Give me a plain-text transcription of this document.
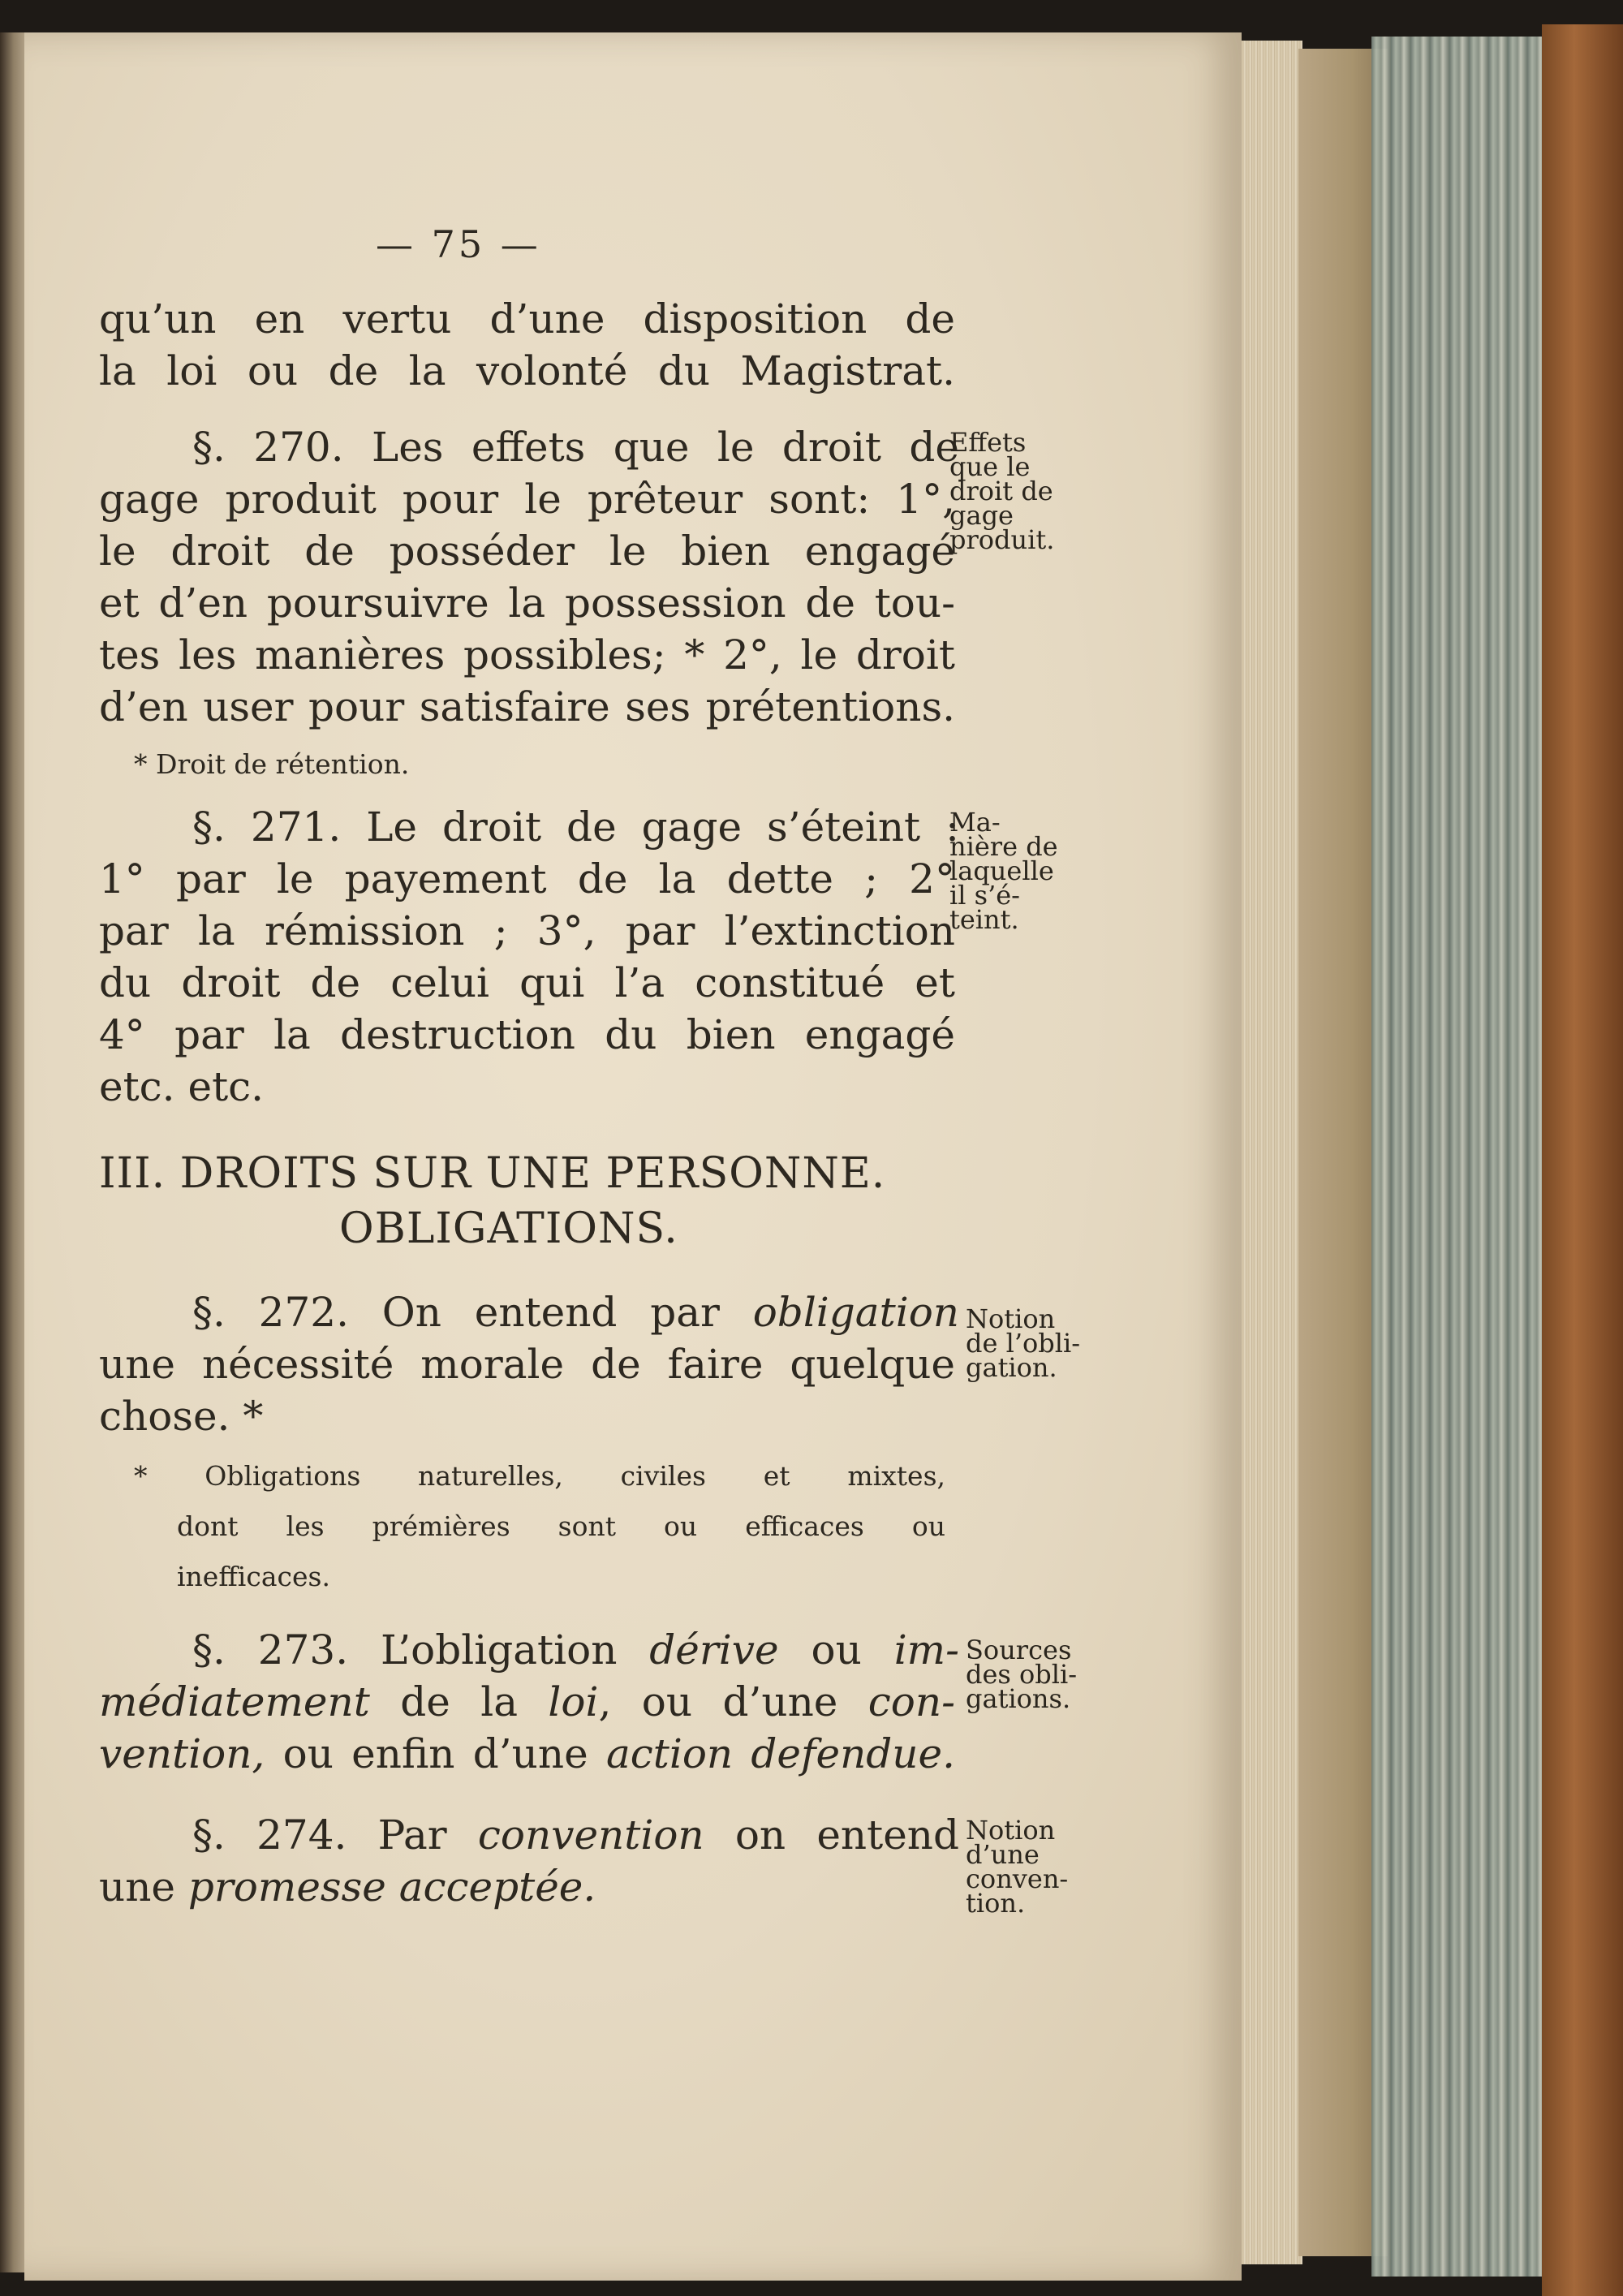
— 75 —
qu’un en vertu d’une disposition de
la loi ou de la volonté du Magistrat.
§. 270. Les effets que le droit de
gage produit pour le prêteur sont: 1°,
le droit de posséder le bien engagé
et d’en poursuivre la possession de tou-
tes les manières possibles; * 2°, le droit
d’en user pour satisfaire ses prétentions.
* Droit de rétention.
Effets
que le
droit de
gage
produit.
§. 271. Le droit de gage s’éteint :
1° par le payement de la dette ; 2°
par la rémission ; 3°, par l’extinction
du droit de celui qui l’a constitué et
4° par la destruction du bien engagé
etc. etc.
Ma-
nière de
laquelle
il s’é-
teint.
III. DROITS SUR UNE PERSONNE.
OBLIGATIONS.
§. 272. On entend par obligation
une nécessité morale de faire quelque
chose. *
Notion
de l’obli-
gation.
* Obligations naturelles, civiles et mixtes,
dont les prémières sont ou efficaces ou
inefficaces.
§. 273. L’obligation dérive ou im-
médiatement de la loi, ou d’une con-
vention, ou enfin d’une action defendue.
Sources
des obli-
gations.
§. 274. Par convention on entend
une promesse acceptée.
Notion
d’une
conven-
tion.
